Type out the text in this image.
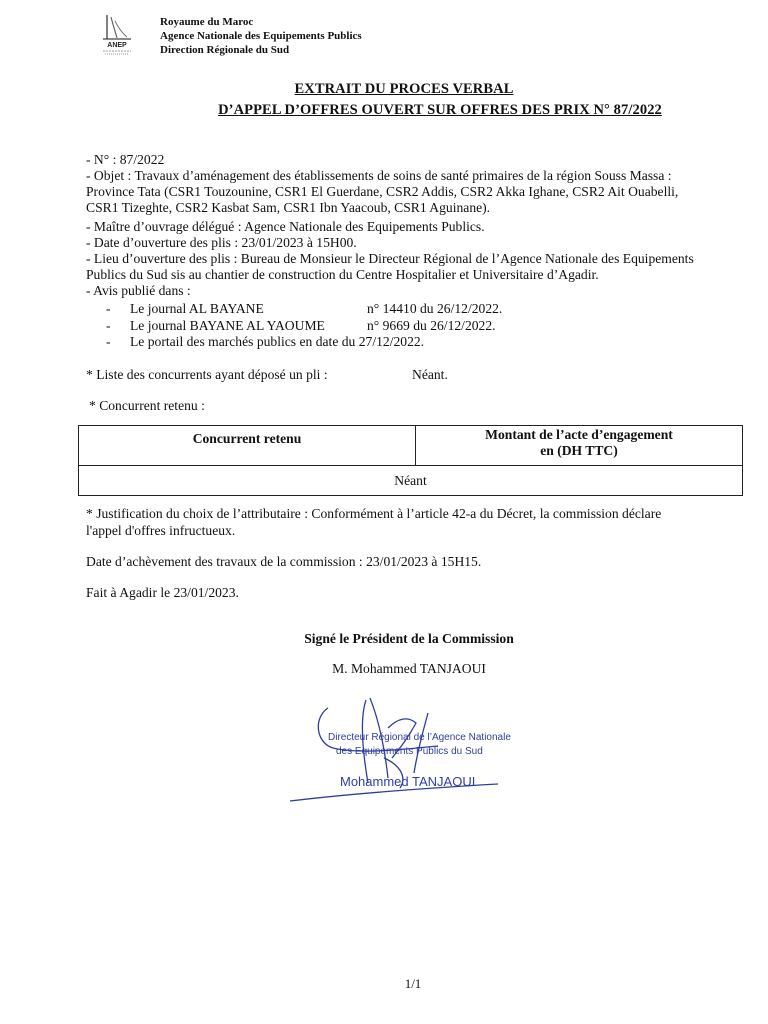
ANEP
Royaume du Maroc
Agence Nationale des Equipements Publics
Direction Régionale du Sud
EXTRAIT DU PROCES VERBAL
D’APPEL D’OFFRES OUVERT SUR OFFRES DES PRIX N° 87/2022
- N° : 87/2022
- Objet : Travaux d’aménagement des établissements de soins de santé primaires de la région Souss Massa :
Province Tata (CSR1 Touzounine, CSR1 El Guerdane, CSR2 Addis, CSR2 Akka Ighane, CSR2 Ait Ouabelli,
CSR1 Tizeghte, CSR2 Kasbat Sam, CSR1 Ibn Yaacoub, CSR1 Aguinane).
- Maître d’ouvrage délégué : Agence Nationale des Equipements Publics.
- Date d’ouverture des plis : 23/01/2023 à 15H00.
- Lieu d’ouverture des plis : Bureau de Monsieur le Directeur Régional de l’Agence Nationale des Equipements
Publics du Sud sis au chantier de construction du Centre Hospitalier et Universitaire d’Agadir.
- Avis publié dans :
- Le journal AL BAYANE	n° 14410 du 26/12/2022.
- Le journal BAYANE AL YAOUME	n° 9669 du 26/12/2022.
- Le portail des marchés publics en date du 27/12/2022.
* Liste des concurrents ayant déposé un pli :	Néant.
* Concurrent retenu :
Concurrent retenu	Montant de l’acte d’engagement
en (DH TTC)

Néant
* Justification du choix de l’attributaire : Conformément à l’article 42-a du Décret, la commission déclare
l'appel d'offres infructueux.
Date d’achèvement des travaux de la commission : 23/01/2023 à 15H15.
Fait à Agadir le 23/01/2023.
Signé le Président de la Commission
M. Mohammed TANJAOUI
Directeur Régional de l’Agence Nationale
des Equipements Publics du Sud
Mohammed TANJAOUI
1/1
